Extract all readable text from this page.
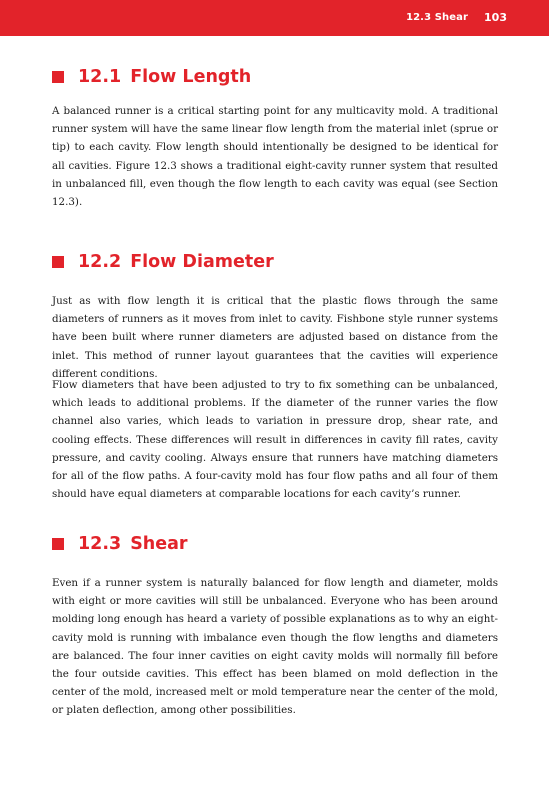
12.3 Shear 103
12.1 Flow Length

A balanced runner is a critical starting point for any multicavity mold. A traditional runner system will have the same linear flow length from the material inlet (sprue or tip) to each cavity. Flow length should intentionally be designed to be identical for all cavities. Figure 12.3 shows a traditional eight-cavity runner system that resulted in unbalanced fill, even though the flow length to each cavity was equal (see Section 12.3).

12.2 Flow Diameter

Just as with flow length it is critical that the plastic flows through the same diameters of runners as it moves from inlet to cavity. Fishbone style runner systems have been built where runner diameters are adjusted based on distance from the inlet. This method of runner layout guarantees that the cavities will experience different conditions.

Flow diameters that have been adjusted to try to fix something can be unbalanced, which leads to additional problems. If the diameter of the runner varies the flow channel also varies, which leads to variation in pressure drop, shear rate, and cooling effects. These differences will result in differences in cavity fill rates, cavity pressure, and cavity cooling. Always ensure that runners have matching diameters for all of the flow paths. A four-cavity mold has four flow paths and all four of them should have equal diameters at comparable locations for each cavity’s runner.

12.3 Shear

Even if a runner system is naturally balanced for flow length and diameter, molds with eight or more cavities will still be unbalanced. Everyone who has been around molding long enough has heard a variety of possible explanations as to why an eight-cavity mold is running with imbalance even though the flow lengths and diameters are balanced. The four inner cavities on eight cavity molds will normally fill before the four outside cavities. This effect has been blamed on mold deflection in the center of the mold, increased melt or mold temperature near the center of the mold, or platen deflection, among other possibilities.
